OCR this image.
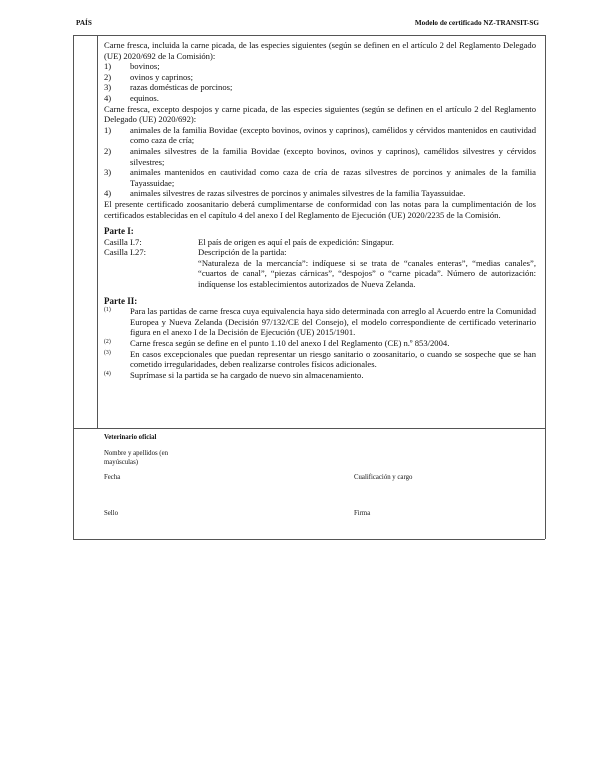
PAÍS	Modelo de certificado NZ-TRANSIT-SG

Carne fresca, incluida la carne picada, de las especies siguientes (según se definen en el artículo 2 del Reglamento Delegado (UE) 2020/692 de la Comisión):

1)	bovinos;
2)	ovinos y caprinos;
3)	razas domésticas de porcinos;
4)	equinos.

Carne fresca, excepto despojos y carne picada, de las especies siguientes (según se definen en el artículo 2 del Reglamento Delegado (UE) 2020/692):

1)	animales de la familia Bovidae (excepto bovinos, ovinos y caprinos), camélidos y cérvidos mantenidos en cautividad como caza de cría;
2)	animales silvestres de la familia Bovidae (excepto bovinos, ovinos y caprinos), camélidos silvestres y cérvidos silvestres;
3)	animales mantenidos en cautividad como caza de cría de razas silvestres de porcinos y animales de la familia Tayassuidae;
4)	animales silvestres de razas silvestres de porcinos y animales silvestres de la familia Tayassuidae.

El presente certificado zoosanitario deberá cumplimentarse de conformidad con las notas para la cumplimentación de los certificados establecidas en el capítulo 4 del anexo I del Reglamento de Ejecución (UE) 2020/2235 de la Comisión.

Parte I:
Casilla I.7:	El país de origen es aquí el país de expedición: Singapur.
Casilla I.27:	Descripción de la partida:
“Naturaleza de la mercancía”: indíquese si se trata de “canales enteras”, “medias canales”, “cuartos de canal”, “piezas cárnicas”, “despojos” o “carne picada”. Número de autorización: indíquense los establecimientos autorizados de Nueva Zelanda.
Parte II:
(1)	Para las partidas de carne fresca cuya equivalencia haya sido determinada con arreglo al Acuerdo entre la Comunidad Europea y Nueva Zelanda (Decisión 97/132/CE del Consejo), el modelo correspondiente de certificado veterinario figura en el anexo I de la Decisión de Ejecución (UE) 2015/1901.
(2)	Carne fresca según se define en el punto 1.10 del anexo I del Reglamento (CE) n.º 853/2004.
(3)	En casos excepcionales que puedan representar un riesgo sanitario o zoosanitario, o cuando se sospeche que se han cometido irregularidades, deben realizarse controles físicos adicionales.
(4)	Suprímase si la partida se ha cargado de nuevo sin almacenamiento.
Veterinario oficial
Nombre y apellidos (en mayúsculas)
Fecha	Cualificación y cargo
Sello	Firma
